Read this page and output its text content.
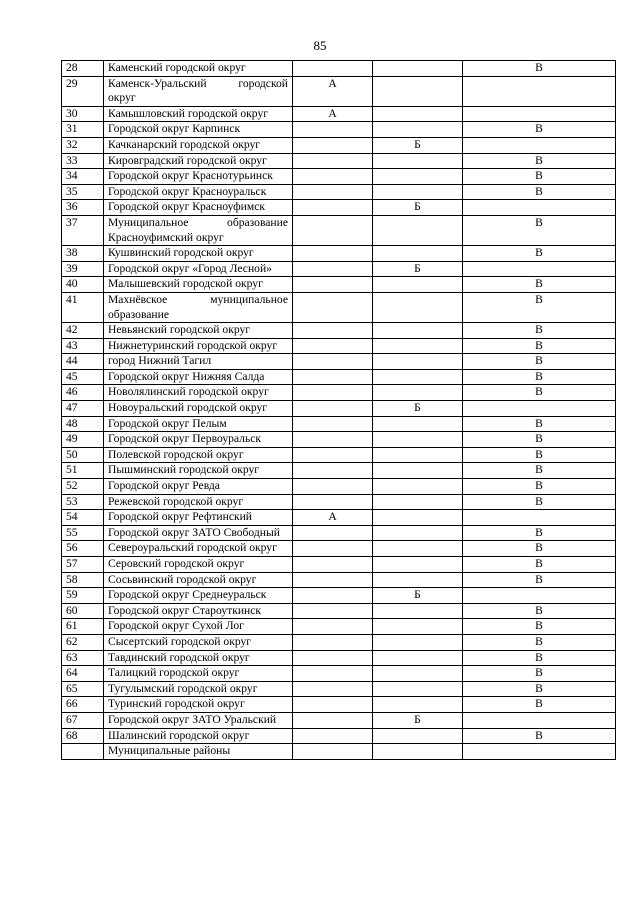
85
28	Каменский городской округ			В
29	Каменск-Уральский городской округ	А		
30	Камышловский городской округ	А		
31	Городской округ Карпинск			В
32	Качканарский городской округ		Б	
33	Кировградский городской округ			В
34	Городской округ Краснотурьинск			В
35	Городской округ Красноуральск			В
36	Городской округ Красноуфимск		Б	
37	Муниципальное образование Красноуфимский округ			В
38	Кушвинский городской округ			В
39	Городской округ «Город Лесной»		Б	
40	Малышевский городской округ			В
41	Махнёвское муниципальное образование			В
42	Невьянский городской округ			В
43	Нижнетуринский городской округ			В
44	город Нижний Тагил			В
45	Городской округ Нижняя Салда			В
46	Новолялинский городской округ			В
47	Новоуральский городской округ		Б	
48	Городской округ Пелым			В
49	Городской округ Первоуральск			В
50	Полевской городской округ			В
51	Пышминский городской округ			В
52	Городской округ Ревда			В
53	Режевской городской округ			В
54	Городской округ Рефтинский	А		
55	Городской округ ЗАТО Свободный			В
56	Североуральский городской округ			В
57	Серовский городской округ			В
58	Сосьвинский городской округ			В
59	Городской округ Среднеуральск		Б	
60	Городской округ Староуткинск			В
61	Городской округ Сухой Лог			В
62	Сысертский городской округ			В
63	Тавдинский городской округ			В
64	Талицкий городской округ			В
65	Тугулымский городской округ			В
66	Туринский городской округ			В
67	Городской округ ЗАТО Уральский		Б	
68	Шалинский городской округ			В
	Муниципальные районы			
